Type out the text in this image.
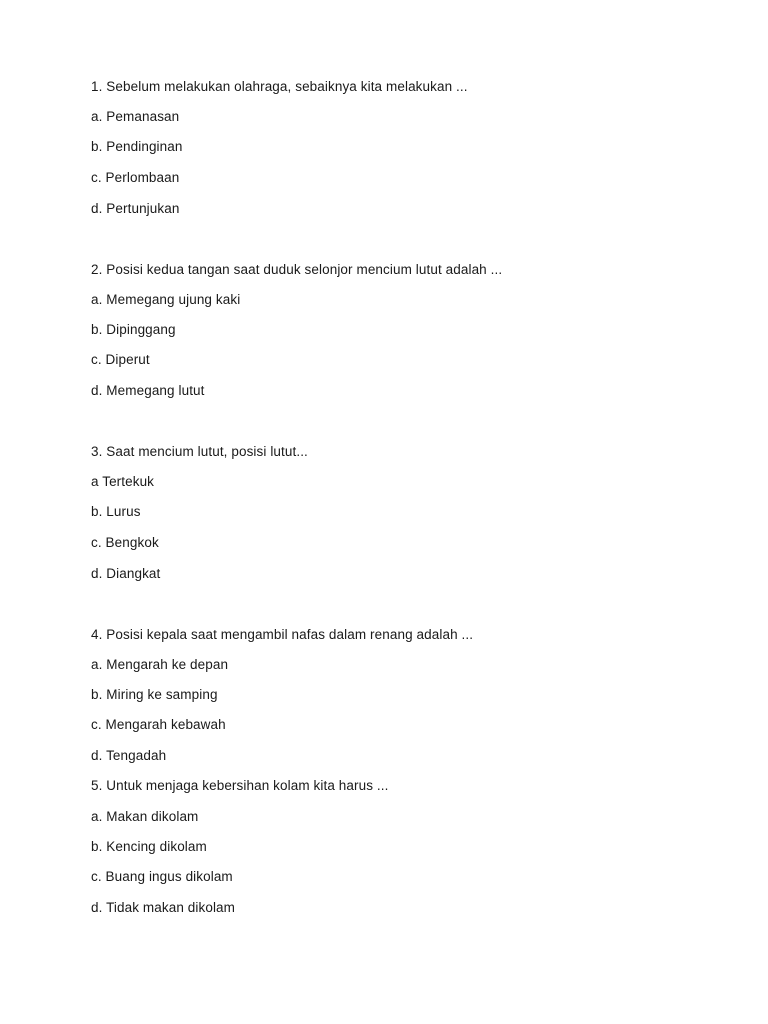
1. Sebelum melakukan olahraga, sebaiknya kita melakukan ...
a. Pemanasan
b. Pendinginan
c. Perlombaan
d. Pertunjukan
2. Posisi kedua tangan saat duduk selonjor mencium lutut adalah ...
a. Memegang ujung kaki
b. Dipinggang
c. Diperut
d. Memegang lutut
3. Saat mencium lutut, posisi lutut...
a Tertekuk
b. Lurus
c. Bengkok
d. Diangkat
4. Posisi kepala saat mengambil nafas dalam renang adalah ...
a. Mengarah ke depan
b. Miring ke samping
c. Mengarah kebawah
d. Tengadah
5. Untuk menjaga kebersihan kolam kita harus ...
a. Makan dikolam
b. Kencing dikolam
c. Buang ingus dikolam
d. Tidak makan dikolam
